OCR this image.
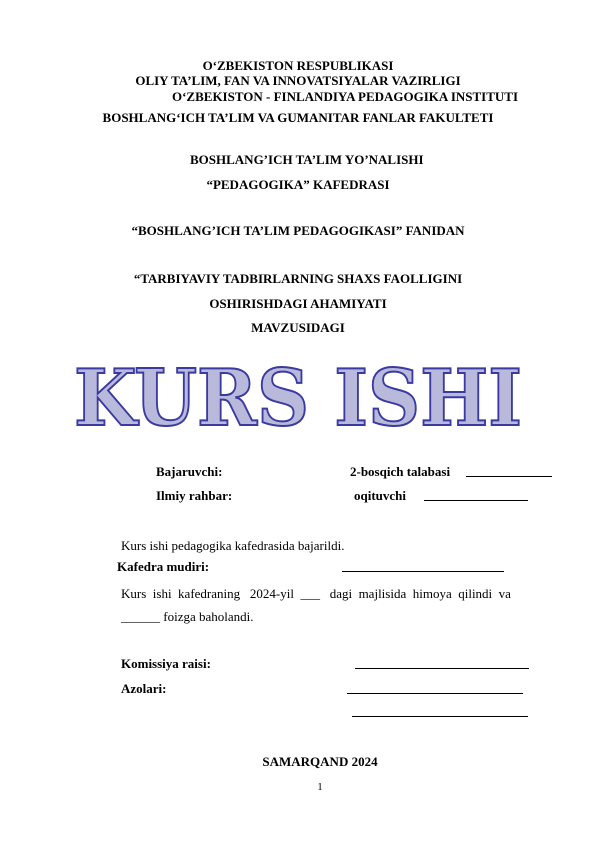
O‘ZBEKISTON RESPUBLIKASI
OLIY TA’LIM, FAN VA INNOVATSIYALAR VAZIRLIGI
O‘ZBEKISTON - FINLANDIYA PEDAGOGIKA INSTITUTI
BOSHLANG‘ICH TA’LIM VA GUMANITAR FANLAR FAKULTETI
BOSHLANG’ICH TA’LIM YO’NALISHI
“PEDAGOGIKA” KAFEDRASI
“BOSHLANG’ICH TA’LIM PEDAGOGIKASI” FANIDAN
“TARBIYAVIY TADBIRLARNING SHAXS FAOLLIGINI
OSHIRISHDAGI AHAMIYATI
MAVZUSIDAGI
KURS ISHI
Bajaruvchi:	2-bosqich talabasi
Ilmiy rahbar:	oqituvchi
Kurs ishi pedagogika kafedrasida bajarildi.
Kafedra mudiri:
Kurs  ishi  kafedraning   2024-yil  ___   dagi  majlisida  himoya  qilindi  va
______ foizga baholandi.
Komissiya raisi:
Azolari:
SAMARQAND 2024
1
